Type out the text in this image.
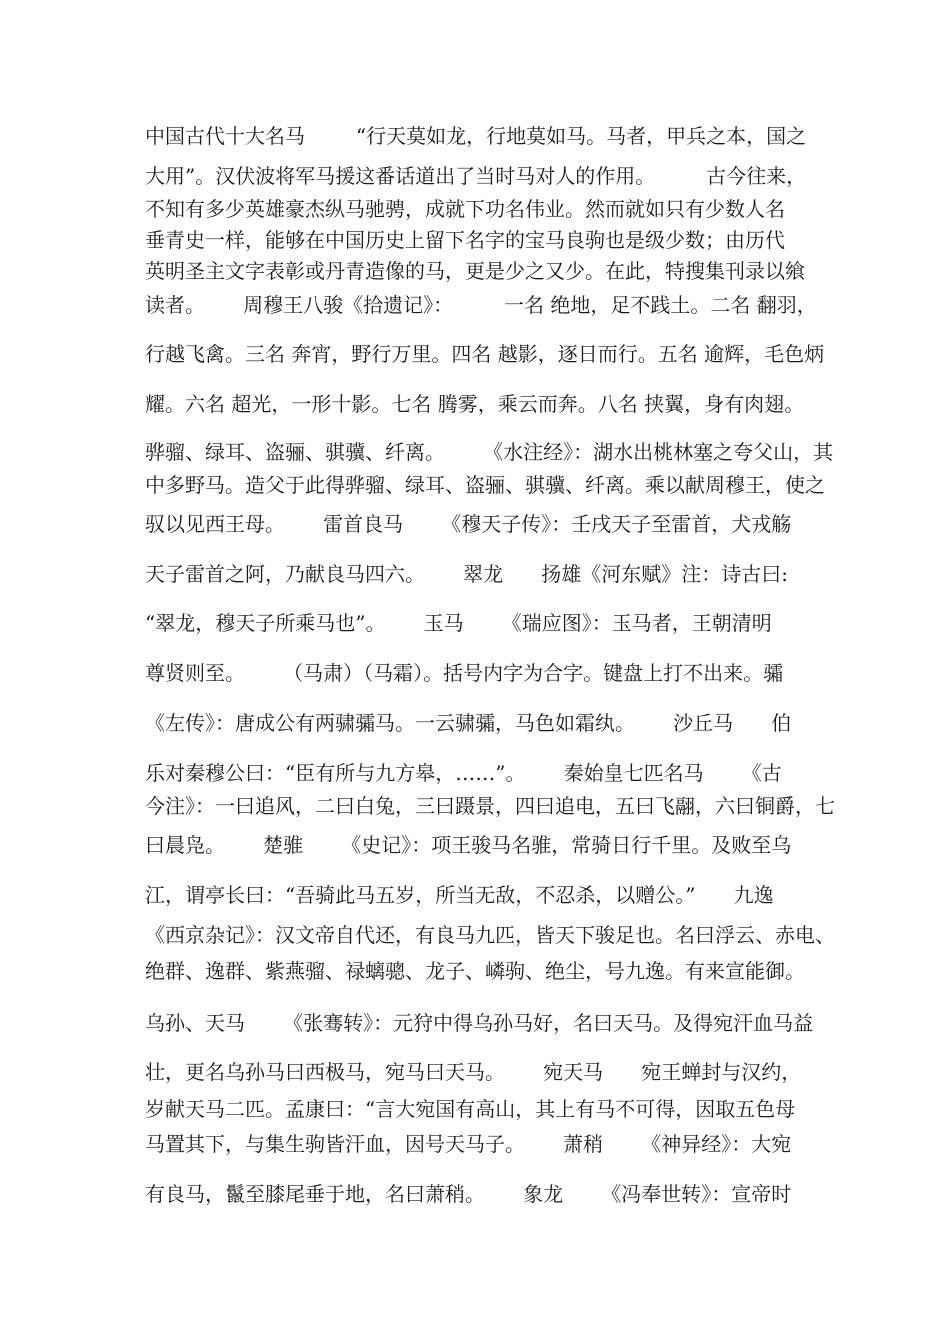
中国古代十大名马        “行天莫如龙，行地莫如马。马者，甲兵之本，国之
大用”。汉伏波将军马援这番话道出了当时马对人的作用。        古今往来，
不知有多少英雄豪杰纵马驰骋，成就下功名伟业。然而就如只有少数人名
垂青史一样，能够在中国历史上留下名字的宝马良驹也是级少数；由历代
英明圣主文字表彰或丹青造像的马，更是少之又少。在此，特搜集刊录以飨
读者。      周穆王八骏《拾遗记》：        一名 绝地，足不践土。二名 翻羽，
行越飞禽。三名 奔宵，野行万里。四名 越影，逐日而行。五名 逾辉，毛色炳
耀。六名 超光，一形十影。七名 腾雾，乘云而奔。八名 挟翼，身有肉翅。
骅骝、绿耳、盗骊、骐骥、纤离。      《水注经》：湖水出桃林塞之夸父山，其
中多野马。造父于此得骅骝、绿耳、盗骊、骐骥、纤离。乘以献周穆王，使之
驭以见西王母。      雷首良马      《穆天子传》：壬戌天子至雷首，犬戎觞
天子雷首之阿，乃献良马四六。      翠龙      扬雄《河东赋》注：诗古曰:
“翠龙，穆天子所乘马也”。      玉马      《瑞应图》：玉马者，王朝清明
尊贤则至。      （马肃）（马霜）。括号内字为合字。键盘上打不出来。骦
《左传》：唐成公有两骕骦马。一云骕骦，马色如霜纨。      沙丘马      伯
乐对秦穆公曰：“臣有所与九方皋，……”。      秦始皇七匹名马      《古
今注》：一曰追风，二曰白兔，三曰蹑景，四曰追电，五曰飞翮，六曰铜爵，七
曰晨凫。      楚骓      《史记》：项王骏马名骓，常骑日行千里。及败至乌
江，谓亭长曰：“吾骑此马五岁，所当无敌，不忍杀，以赠公。”      九逸
《西京杂记》：汉文帝自代还，有良马九匹，皆天下骏足也。名曰浮云、赤电、
绝群、逸群、紫燕骝、禄螭骢、龙子、嶙驹、绝尘，号九逸。有来宣能御。
乌孙、天马      《张骞转》：元狩中得乌孙马好，名曰天马。及得宛汗血马益
壮，更名乌孙马曰西极马，宛马曰天马。      宛天马      宛王蝉封与汉约，
岁献天马二匹。孟康曰：“言大宛国有高山，其上有马不可得，因取五色母
马置其下，与集生驹皆汗血，因号天马子。      萧稍      《神异经》：大宛
有良马，鬣至膝尾垂于地，名曰萧稍。      象龙      《冯奉世转》：宣帝时
